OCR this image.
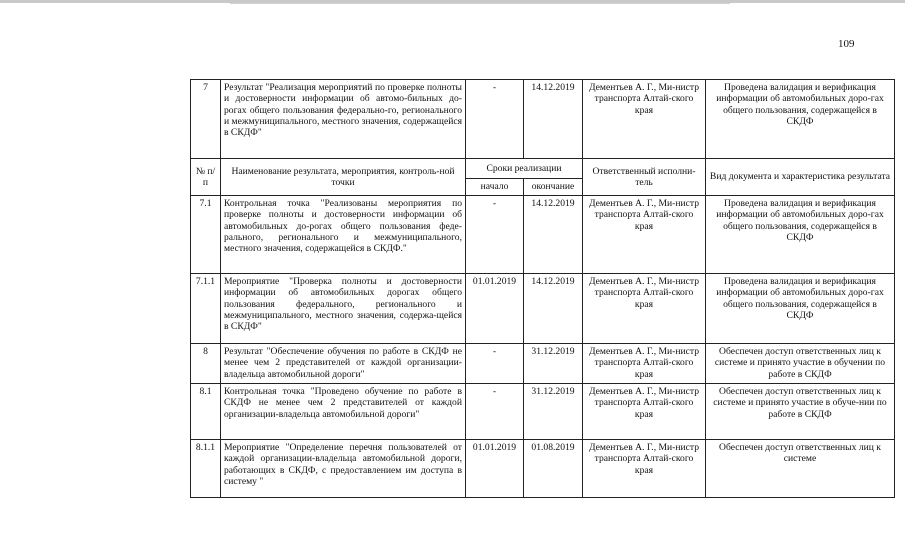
109
7	Результат "Реализация мероприятий по проверке полноты и достоверности информации об автомо-бильных до-рогах общего пользования федерально-го, регионального и межмуниципального, местного значения, содержащейся в СКДФ"	-	14.12.2019	Дементьев А. Г., Ми-нистр транспорта Алтай-ского края	Проведена валидация и верификация информации об автомобильных доро-гах общего пользования, содержащейся в СКДФ
№ п/п	Наименование результата, мероприятия, контроль-ной точки	Сроки реализации		Ответственный исполни-тель	Вид документа и характеристика результата
		начало	окончание		
7.1	Контрольная точка "Реализованы мероприятия по проверке полноты и достоверности информации об автомобильных до-рогах общего пользования феде-рального, регионального и межмуниципального, местного значения, содержащейся в СКДФ."	-	14.12.2019	Дементьев А. Г., Ми-нистр транспорта Алтай-ского края	Проведена валидация и верификация информации об автомобильных доро-гах общего пользования, содержащейся в СКДФ
7.1.1	Мероприятие "Проверка полноты и достоверности информации об автомобильных дорогах общего пользования федерального, регионального и межмуниципального, местного значения, содержа-щейся в СКДФ"	01.01.2019	14.12.2019	Дементьев А. Г., Ми-нистр транспорта Алтай-ского края	Проведена валидация и верификация информации об автомобильных доро-гах общего пользования, содержащейся в СКДФ
8	Результат "Обеспечение обучения по работе в СКДФ не менее чем 2 представителей от каждой организации-владельца автомобильной дороги"	-	31.12.2019	Дементьев А. Г., Ми-нистр транспорта Алтай-ского края	Обеспечен доступ ответственных лиц к системе и принято участие в обучении по работе в СКДФ
8.1	Контрольная точка "Проведено обучение по работе в СКДФ не менее чем 2 представителей от каждой организации-владельца автомобильной дороги"	-	31.12.2019	Дементьев А. Г., Ми-нистр транспорта Алтай-ского края	Обеспечен доступ ответственных лиц к системе и принято участие в обуче-нии по работе в СКДФ
8.1.1	Мероприятие "Определение перечня пользователей от каждой организации-владельца автомобильной дороги, работающих в СКДФ, с предоставлением им доступа в систему "	01.01.2019	01.08.2019	Дементьев А. Г., Ми-нистр транспорта Алтай-ского края	Обеспечен доступ ответственных лиц к системе
